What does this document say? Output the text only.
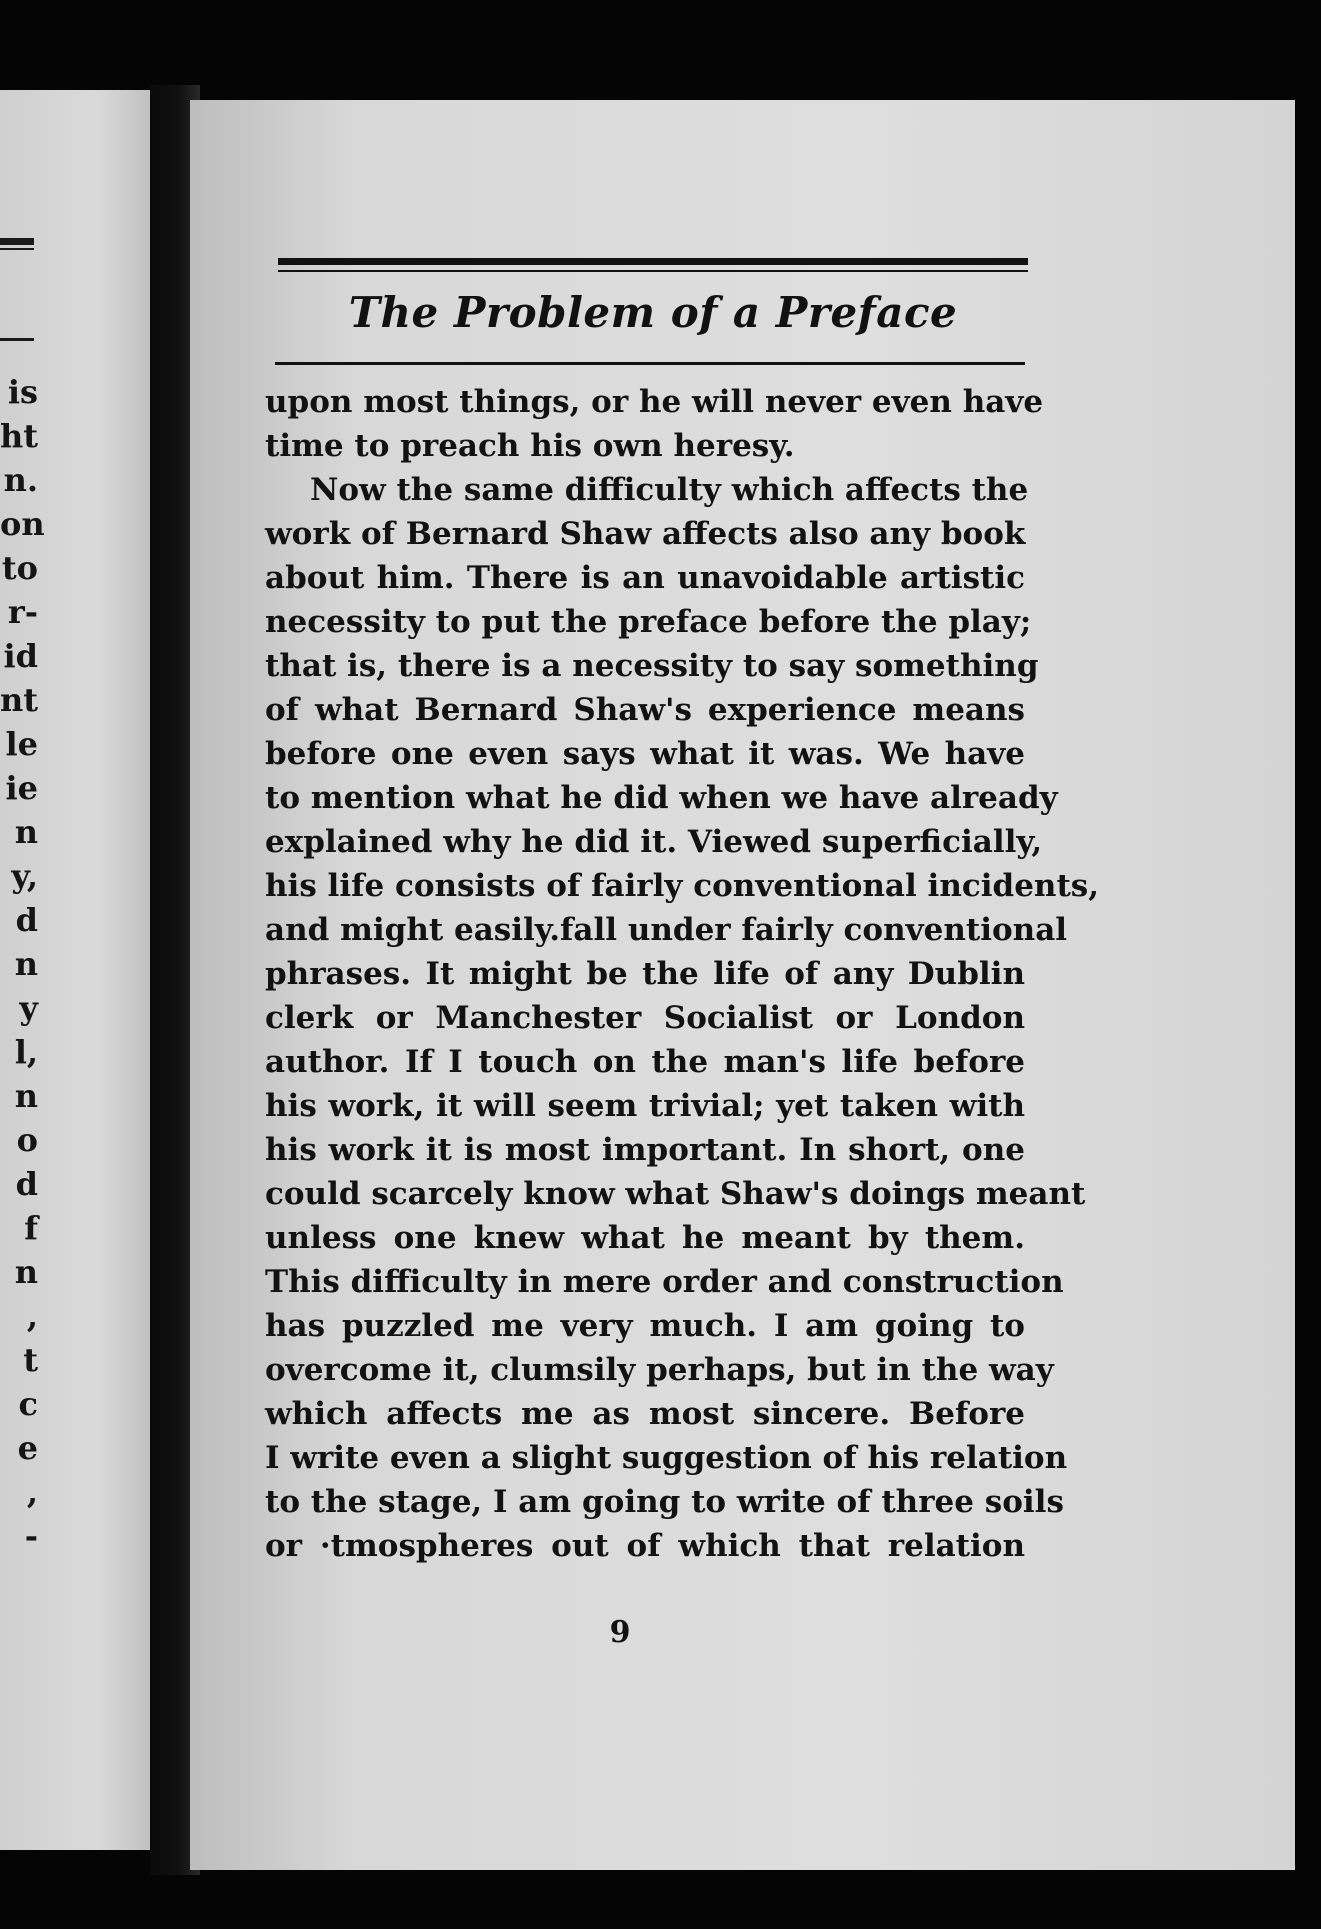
is
ht
n.
on
to
r-
id
nt
le
ie
n
y,
d
n
y
l,
n
o
d
f
n
,
t
c
e
,
-
The Problem of a Preface
upon most things, or he will never even have
time to preach his own heresy.
Now the same difficulty which affects the
work of Bernard Shaw affects also any book
about him. There is an unavoidable artistic
necessity to put the preface before the play;
that is, there is a necessity to say something
of what Bernard Shaw's experience means
before one even says what it was. We have
to mention what he did when we have already
explained why he did it. Viewed superficially,
his life consists of fairly conventional incidents,
and might easily.fall under fairly conventional
phrases. It might be the life of any Dublin
clerk or Manchester Socialist or London
author. If I touch on the man's life before
his work, it will seem trivial; yet taken with
his work it is most important. In short, one
could scarcely know what Shaw's doings meant
unless one knew what he meant by them.
This difficulty in mere order and construction
has puzzled me very much. I am going to
overcome it, clumsily perhaps, but in the way
which affects me as most sincere. Before
I write even a slight suggestion of his relation
to the stage, I am going to write of three soils
or ·tmospheres out of which that relation
9
